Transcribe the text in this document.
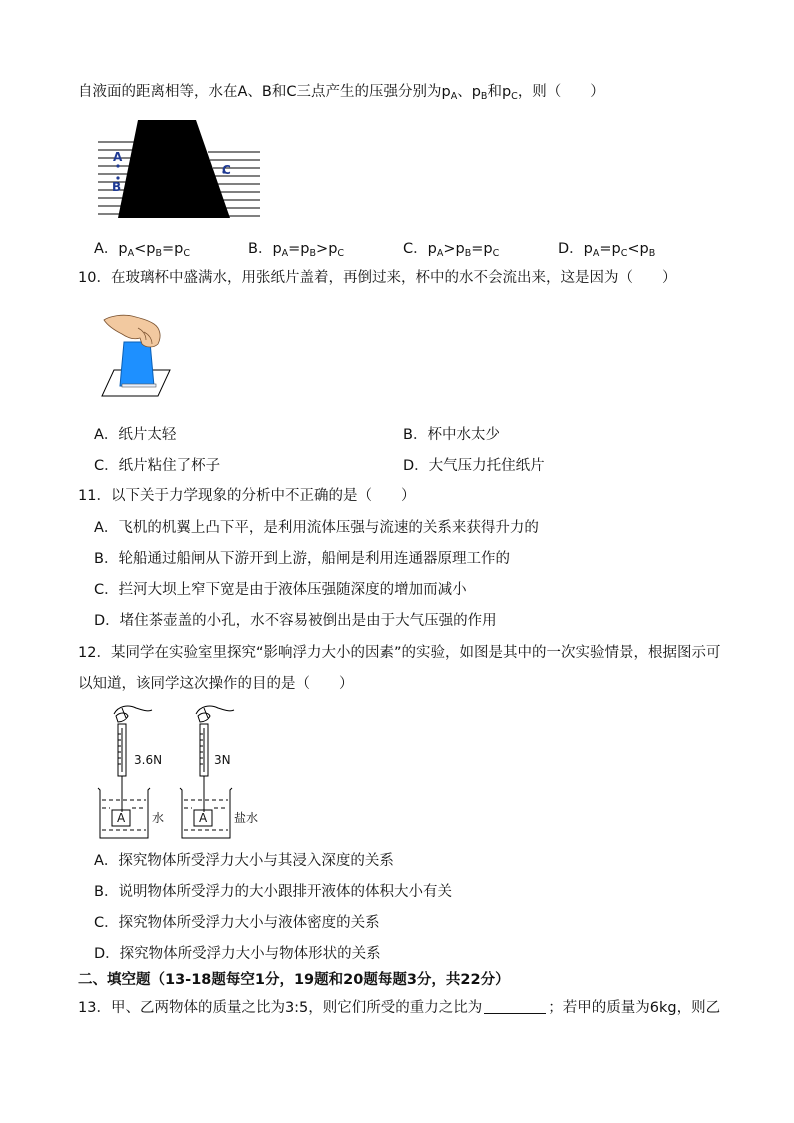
自液面的距离相等，水在A、B和C三点产生的压强分别为$p_A$、$p_B$和$p_C$，则（　　）
A
B
C
A．$p_A<p_B=p_C$	B．$p_A=p_B>p_C$	C．$p_A>p_B=p_C$	D．$p_A=p_C<p_B$
10．在玻璃杯中盛满水，用张纸片盖着，再倒过来，杯中的水不会流出来，这是因为（　　）
A．纸片太轻	B．杯中水太少
C．纸片粘住了杯子	D．大气压力托住纸片
11．以下关于力学现象的分析中不正确的是（　　）
A．飞机的机翼上凸下平，是利用流体压强与流速的关系来获得升力的
B．轮船通过船闸从下游开到上游，船闸是利用连通器原理工作的
C．拦河大坝上窄下宽是由于液体压强随深度的增加而减小
D．堵住茶壶盖的小孔，水不容易被倒出是由于大气压强的作用
12．某同学在实验室里探究“影响浮力大小的因素”的实验，如图是其中的一次实验情景，根据图示可
以知道，该同学这次操作的目的是（　　）
3.6N	3N
A	A
水	盐水
A．探究物体所受浮力大小与其浸入深度的关系
B．说明物体所受浮力的大小跟排开液体的体积大小有关
C．探究物体所受浮力大小与液体密度的关系
D．探究物体所受浮力大小与物体形状的关系
二、填空题（13-18题每空1分，19题和20题每题3分，共22分）
13．甲、乙两物体的质量之比为3:5，则它们所受的重力之比为	；若甲的质量为6kg，则乙
